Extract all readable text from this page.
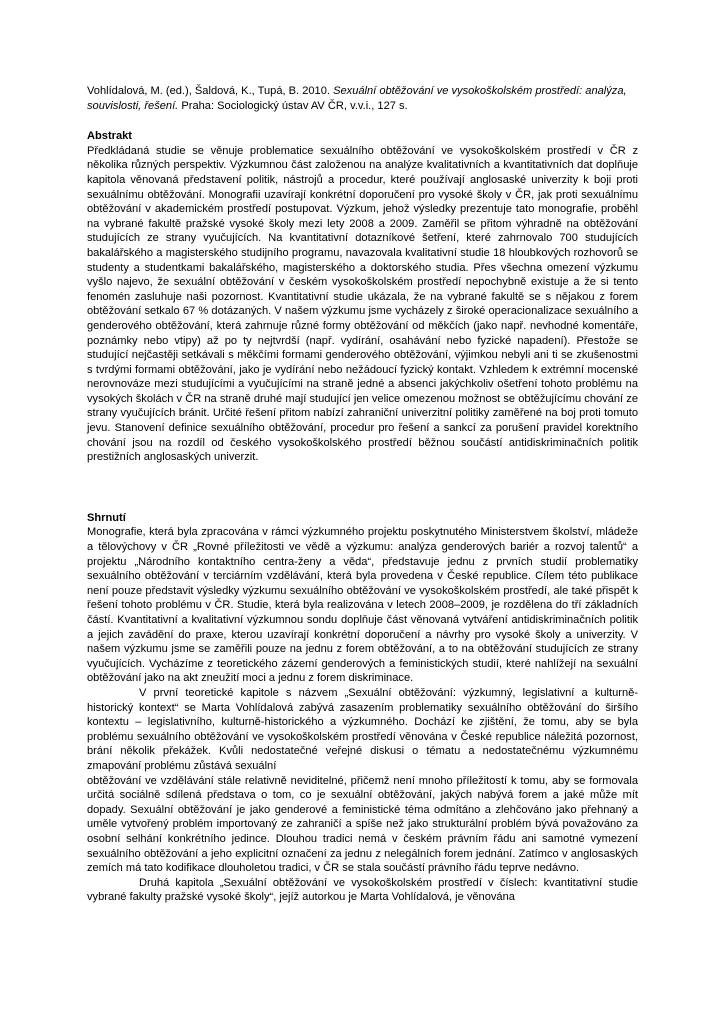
Vohlídalová, M. (ed.), Šaldová, K., Tupá, B. 2010. Sexuální obtěžování ve vysokoškolském prostředí: analýza, souvislosti, řešení. Praha: Sociologický ústav AV ČR, v.v.i., 127 s.

Abstrakt

Předkládaná studie se věnuje problematice sexuálního obtěžování ve vysokoškolském prostředí v ČR z několika různých perspektiv. Výzkumnou část založenou na analýze kvalitativních a kvantitativních dat doplňuje kapitola věnovaná představení politik, nástrojů a procedur, které používají anglosaské univerzity k boji proti sexuálnímu obtěžování. Monografii uzavírají konkrétní doporučení pro vysoké školy v ČR, jak proti sexuálnímu obtěžování v akademickém prostředí postupovat. Výzkum, jehož výsledky prezentuje tato monografie, proběhl na vybrané fakultě pražské vysoké školy mezi lety 2008 a 2009. Zaměřil se přitom výhradně na obtěžování studujících ze strany vyučujících. Na kvantitativní dotazníkové šetření, které zahrnovalo 700 studujících bakalářského a magisterského studijního programu, navazovala kvalitativní studie 18 hloubkových rozhovorů se studenty a studentkami bakalářského, magisterského a doktorského studia. Přes všechna omezení výzkumu vyšlo najevo, že sexuální obtěžování v českém vysokoškolském prostředí nepochybně existuje a že si tento fenomén zasluhuje naši pozornost. Kvantitativní studie ukázala, že na vybrané fakultě se s nějakou z forem obtěžování setkalo 67 % dotázaných. V našem výzkumu jsme vycházely z široké operacionalizace sexuálního a genderového obtěžování, která zahrnuje různé formy obtěžování od měkčích (jako např. nevhodné komentáře, poznámky nebo vtipy) až po ty nejtvrdší (např. vydírání, osahávání nebo fyzické napadení). Přestože se studující nejčastěji setkávali s měkčími formami genderového obtěžování, výjimkou nebyli ani ti se zkušenostmi s tvrdými formami obtěžování, jako je vydírání nebo nežádoucí fyzický kontakt. Vzhledem k extrémní mocenské nerovnováze mezi studujícími a vyučujícími na straně jedné a absenci jakýchkoliv ošetření tohoto problému na vysokých školách v ČR na straně druhé mají studující jen velice omezenou možnost se obtěžujícímu chování ze strany vyučujících bránit. Určité řešení přitom nabízí zahraniční univerzitní politiky zaměřené na boj proti tomuto jevu. Stanovení definice sexuálního obtěžování, procedur pro řešení a sankcí za porušení pravidel korektního chování jsou na rozdíl od českého vysokoškolského prostředí běžnou součástí antidiskriminačních politik prestižních anglosaských univerzit.

Shrnutí

Monografie, která byla zpracována v rámci výzkumného projektu poskytnutého Ministerstvem školství, mládeže a tělovýchovy v ČR „Rovné příležitosti ve vědě a výzkumu: analýza genderových bariér a rozvoj talentů“ a projektu „Národního kontaktního centra-ženy a věda“, představuje jednu z prvních studií problematiky sexuálního obtěžování v terciárním vzdělávání, která byla provedena v České republice. Cílem této publikace není pouze představit výsledky výzkumu sexuálního obtěžování ve vysokoškolském prostředí, ale také přispět k řešení tohoto problému v ČR. Studie, která byla realizována v letech 2008–2009, je rozdělena do tří základních částí. Kvantitativní a kvalitativní výzkumnou sondu doplňuje část věnovaná vytváření antidiskriminačních politik a jejich zavádění do praxe, kterou uzavírají konkrétní doporučení a návrhy pro vysoké školy a univerzity. V našem výzkumu jsme se zaměřili pouze na jednu z forem obtěžování, a to na obtěžování studujících ze strany vyučujících. Vycházíme z teoretického zázemí genderových a feministických studií, které nahlížejí na sexuální obtěžování jako na akt zneužití moci a jednu z forem diskriminace.

V první teoretické kapitole s názvem „Sexuální obtěžování: výzkumný, legislativní a kulturně-historický kontext“ se Marta Vohlídalová zabývá zasazením problematiky sexuálního obtěžování do širšího kontextu – legislativního, kulturně-historického a výzkumného. Dochází ke zjištění, že tomu, aby se byla problému sexuálního obtěžování ve vysokoškolském prostředí věnována v České republice náležitá pozornost, brání několik překážek. Kvůli nedostatečné veřejné diskusi o tématu a nedostatečnému výzkumnému zmapování problému zůstává sexuální

obtěžování ve vzdělávání stále relativně neviditelné, přičemž není mnoho příležitostí k tomu, aby se formovala určitá sociálně sdílená představa o tom, co je sexuální obtěžování, jakých nabývá forem a jaké může mít dopady. Sexuální obtěžování je jako genderové a feministické téma odmítáno a zlehčováno jako přehnaný a uměle vytvořený problém importovaný ze zahraničí a spíše než jako strukturální problém bývá považováno za osobní selhání konkrétního jedince. Dlouhou tradici nemá v českém právním řádu ani samotné vymezení sexuálního obtěžování a jeho explicitní označení za jednu z nelegálních forem jednání. Zatímco v anglosaských zemích má tato kodifikace dlouholetou tradici, v ČR se stala součástí právního řádu teprve nedávno.

Druhá kapitola „Sexuální obtěžování ve vysokoškolském prostředí v číslech: kvantitativní studie vybrané fakulty pražské vysoké školy“, jejíž autorkou je Marta Vohlídalová, je věnována
